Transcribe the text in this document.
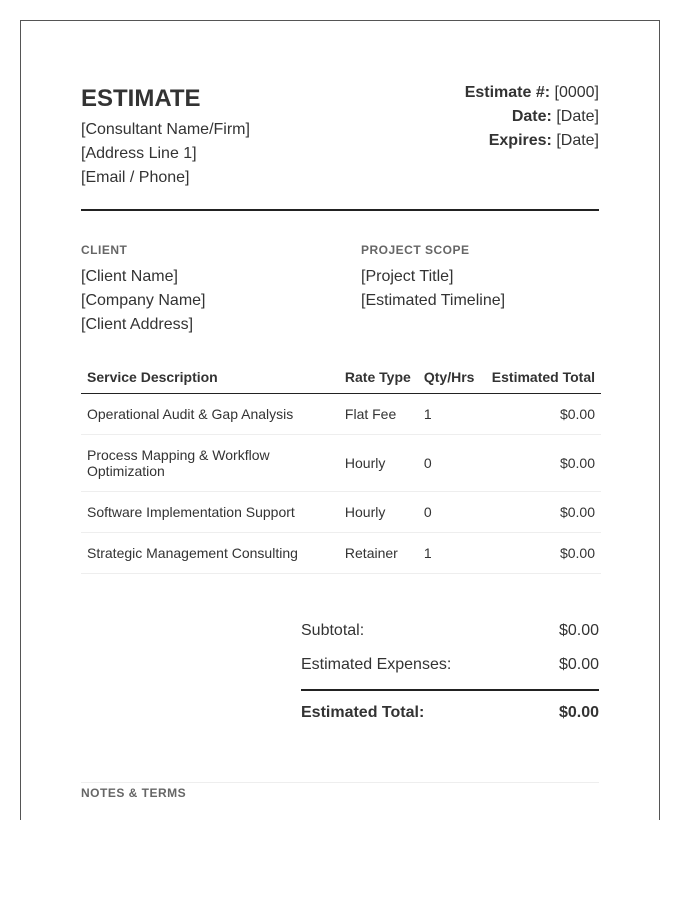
ESTIMATE
[Consultant Name/Firm]
[Address Line 1]
[Email / Phone]
Estimate #: [0000]
Date: [Date]
Expires: [Date]
CLIENT
[Client Name]
[Company Name]
[Client Address]
PROJECT SCOPE
[Project Title]
[Estimated Timeline]
Service Description	Rate Type	Qty/Hrs	Estimated Total
Operational Audit & Gap Analysis	Flat Fee	1	$0.00
Process Mapping & Workflow Optimization	Hourly	0	$0.00
Software Implementation Support	Hourly	0	$0.00
Strategic Management Consulting	Retainer	1	$0.00
Subtotal:	$0.00
Estimated Expenses:	$0.00
Estimated Total:	$0.00
NOTES & TERMS
